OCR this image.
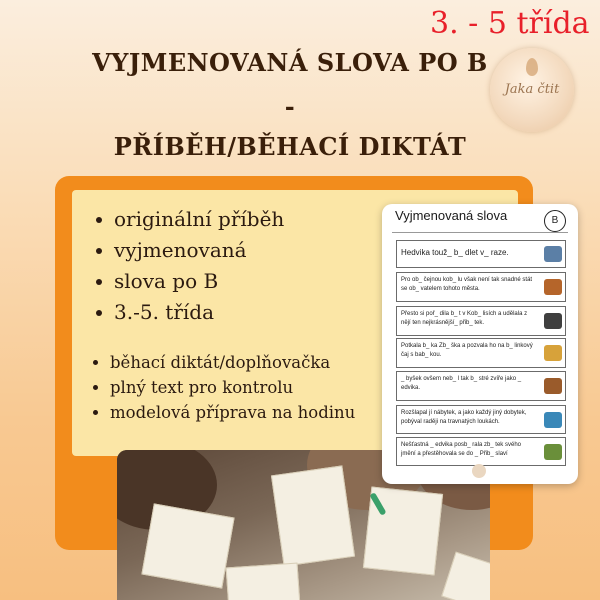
3. - 5 třída
VYJMENOVANÁ SLOVA PO B
-
PŘÍBĚH/BĚHACÍ DIKTÁT
Jaka čtit
originální příběh
vyjmenovaná
slova po B
3.-5. třída
běhací diktát/doplňovačka
plný text pro kontrolu
modelová příprava na hodinu
Vyjmenovaná slova	B
Hedvika touž_ b_ dlet v_ raze.
Pro ob_ čejnou kob_ lu však není tak snadné stát se ob_ vatelem tohoto města.
Přesto si poř_ dila b_ t v Kob_ lisích a udělala z nějí ten nejkrásnější_ přib_ tek.
Potkala b_ ka Zb_ ška a pozvala ho na b_ linkový čaj s bab_ kou.
_ byšek ovšem neb_ l tak b_ stré zvíře jako _ edvika.
Rozšlapal jí nábytek, a jako každý jiný dobytek, pobýval raději na travnatých loukách.
Nešťastná _ edvika posb_ rala zb_ tek svého jmění a přestěhovala se do _ Přib_ slaví
